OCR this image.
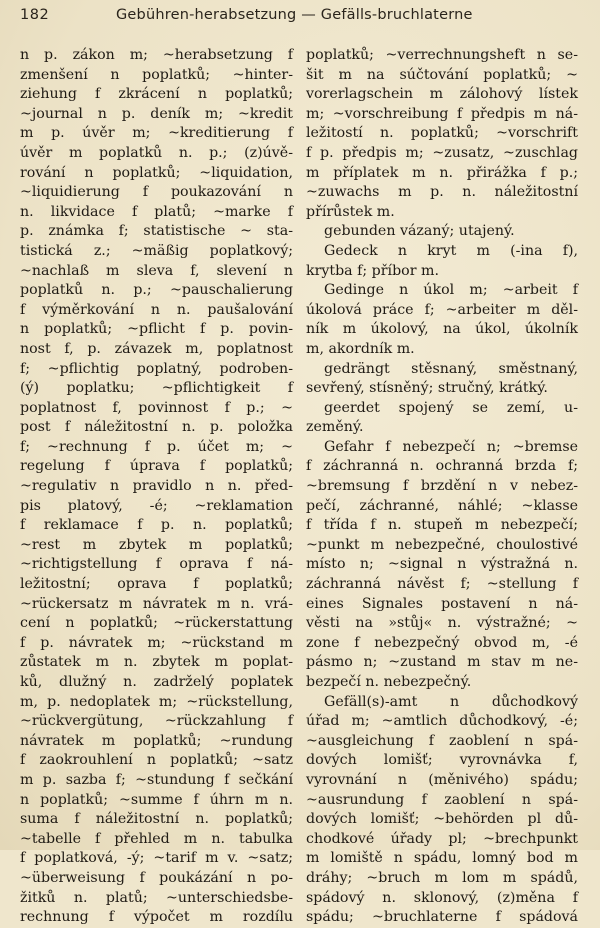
182	Gebühren-herabsetzung — Gefälls-bruchlaterne
n p. zákon m; ~herabsetzung f
zmenšení n poplatků; ~hinter-
ziehung f zkrácení n poplatků;
~journal n p. deník m; ~kredit
m p. úvěr m; ~kreditierung f
úvěr m poplatků n. p.; (z)úvě-
rování n poplatků; ~liquidation,
~liquidierung f poukazování n
n. likvidace f platů; ~marke f
p. známka f; statistische ~ sta-
tistická z.; ~mäßig poplatkový;
~nachlaß m sleva f, slevení n
poplatků n. p.; ~pauschalierung
f výměrkování n n. paušalování
n poplatků; ~pflicht f p. povin-
nost f, p. závazek m, poplatnost
f; ~pflichtig poplatný, podroben-
(ý) poplatku; ~pflichtigkeit f
poplatnost f, povinnost f p.; ~
post f náležitostní n. p. položka
f; ~rechnung f p. účet m; ~
regelung f úprava f poplatků;
~regulativ n pravidlo n n. před-
pis platový, -é; ~reklamation
f reklamace f p. n. poplatků;
~rest m zbytek m poplatků;
~richtigstellung f oprava f ná-
ležitostní; oprava f poplatků;
~rückersatz m návratek m n. vrá-
cení n poplatků; ~rückerstattung
f p. návratek m; ~rückstand m
zůstatek m n. zbytek m poplat-
ků, dlužný n. zadrželý poplatek
m, p. nedoplatek m; ~rückstellung,
~rückvergütung, ~rückzahlung f
návratek m poplatků; ~rundung
f zaokrouhlení n poplatků; ~satz
m p. sazba f; ~stundung f sečkání
n poplatků; ~summe f úhrn m n.
suma f náležitostní n. poplatků;
~tabelle f přehled m n. tabulka
f poplatková, -ý; ~tarif m v. ~satz;
~überweisung f poukázání n po-
žitků n. platů; ~unterschiedsbe-
rechnung f výpočet m rozdílu
poplatků; ~verrechnungsheft n se-
šit m na súčtování poplatků; ~
vorerlagschein m zálohový lístek
m; ~vorschreibung f předpis m ná-
ležitostí n. poplatků; ~vorschrift
f p. předpis m; ~zusatz, ~zuschlag
m příplatek m n. přirážka f p.;
~zuwachs m p. n. náležitostní
přírůstek m.
gebunden vázaný; utajený.
Gedeck n kryt m (-ina f),
krytba f; příbor m.
Gedinge n úkol m; ~arbeit f
úkolová práce f; ~arbeiter m děl-
ník m úkolový, na úkol, úkolník
m, akordník m.
gedrängt stěsnaný, směstnaný,
sevřený, stísněný; stručný, krátký.
geerdet spojený se zemí, u-
zeměný.
Gefahr f nebezpečí n; ~bremse
f záchranná n. ochranná brzda f;
~bremsung f brzdění n v nebez-
pečí, záchranné, náhlé; ~klasse
f třída f n. stupeň m nebezpečí;
~punkt m nebezpečné, choulostivé
místo n; ~signal n výstražná n.
záchranná návěst f; ~stellung f
eines Signales postavení n ná-
věsti na »stůj« n. výstražné; ~
zone f nebezpečný obvod m, -é
pásmo n; ~zustand m stav m ne-
bezpečí n. nebezpečný.
Gefäll(s)-amt n důchodkový
úřad m; ~amtlich důchodkový, -é;
~ausgleichung f zaoblení n spá-
dových lomišť; vyrovnávka f,
vyrovnání n (měnivého) spádu;
~ausrundung f zaoblení n spá-
dových lomišť; ~behörden pl dů-
chodkové úřady pl; ~brechpunkt
m lomiště n spádu, lomný bod m
dráhy; ~bruch m lom m spádů,
spádový n. sklonový, (z)měna f
spádu; ~bruchlaterne f spádová
